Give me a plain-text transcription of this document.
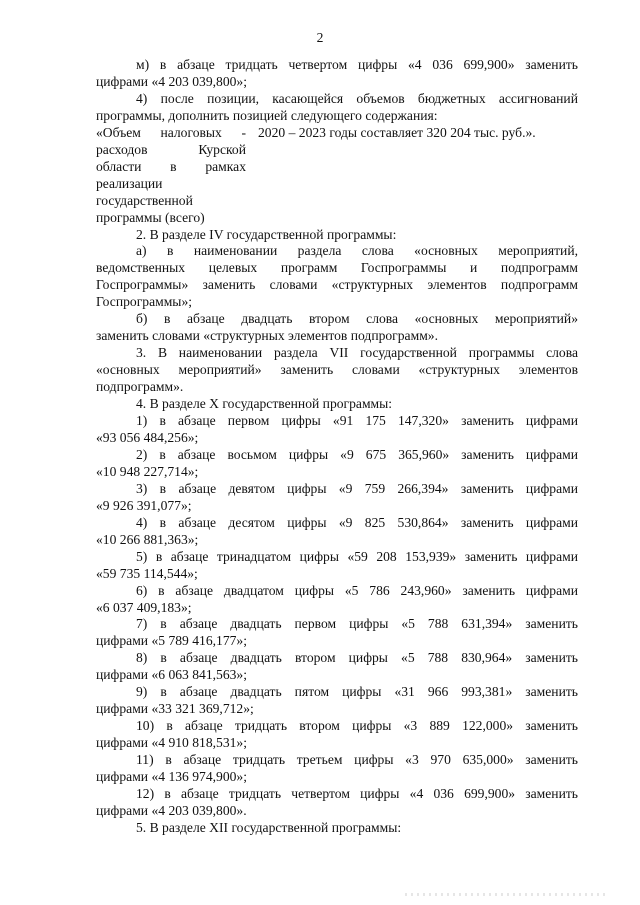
2
м) в абзаце тридцать четвертом цифры «4 036 699,900» заменить
цифрами «4 203 039,800»;
4) после позиции, касающейся объемов бюджетных ассигнований
программы, дополнить позицией следующего содержания:
«Объем налоговых -
расходов Курской
области в рамках
реализации
государственной
программы (всего)
2020 – 2023 годы составляет 320 204 тыс. руб.».
2. В разделе IV государственной программы:
а) в наименовании раздела слова «основных мероприятий,
ведомственных целевых программ Госпрограммы и подпрограмм
Госпрограммы» заменить словами «структурных элементов подпрограмм
Госпрограммы»;
б) в абзаце двадцать втором слова «основных мероприятий»
заменить словами «структурных элементов подпрограмм».
3. В наименовании раздела VII государственной программы слова
«основных мероприятий» заменить словами «структурных элементов
подпрограмм».
4. В разделе X государственной программы:
1) в абзаце первом цифры «91 175 147,320» заменить цифрами
«93 056 484,256»;
2) в абзаце восьмом цифры «9 675 365,960» заменить цифрами
«10 948 227,714»;
3) в абзаце девятом цифры «9 759 266,394» заменить цифрами
«9 926 391,077»;
4) в абзаце десятом цифры «9 825 530,864» заменить цифрами
«10 266 881,363»;
5) в абзаце тринадцатом цифры «59 208 153,939» заменить цифрами
«59 735 114,544»;
6) в абзаце двадцатом цифры «5 786 243,960» заменить цифрами
«6 037 409,183»;
7) в абзаце двадцать первом цифры «5 788 631,394» заменить
цифрами «5 789 416,177»;
8) в абзаце двадцать втором цифры «5 788 830,964» заменить
цифрами «6 063 841,563»;
9) в абзаце двадцать пятом цифры «31 966 993,381» заменить
цифрами «33 321 369,712»;
10) в абзаце тридцать втором цифры «3 889 122,000» заменить
цифрами «4 910 818,531»;
11) в абзаце тридцать третьем цифры «3 970 635,000» заменить
цифрами «4 136 974,900»;
12) в абзаце тридцать четвертом цифры «4 036 699,900» заменить
цифрами «4 203 039,800».
5. В разделе XII государственной программы:
